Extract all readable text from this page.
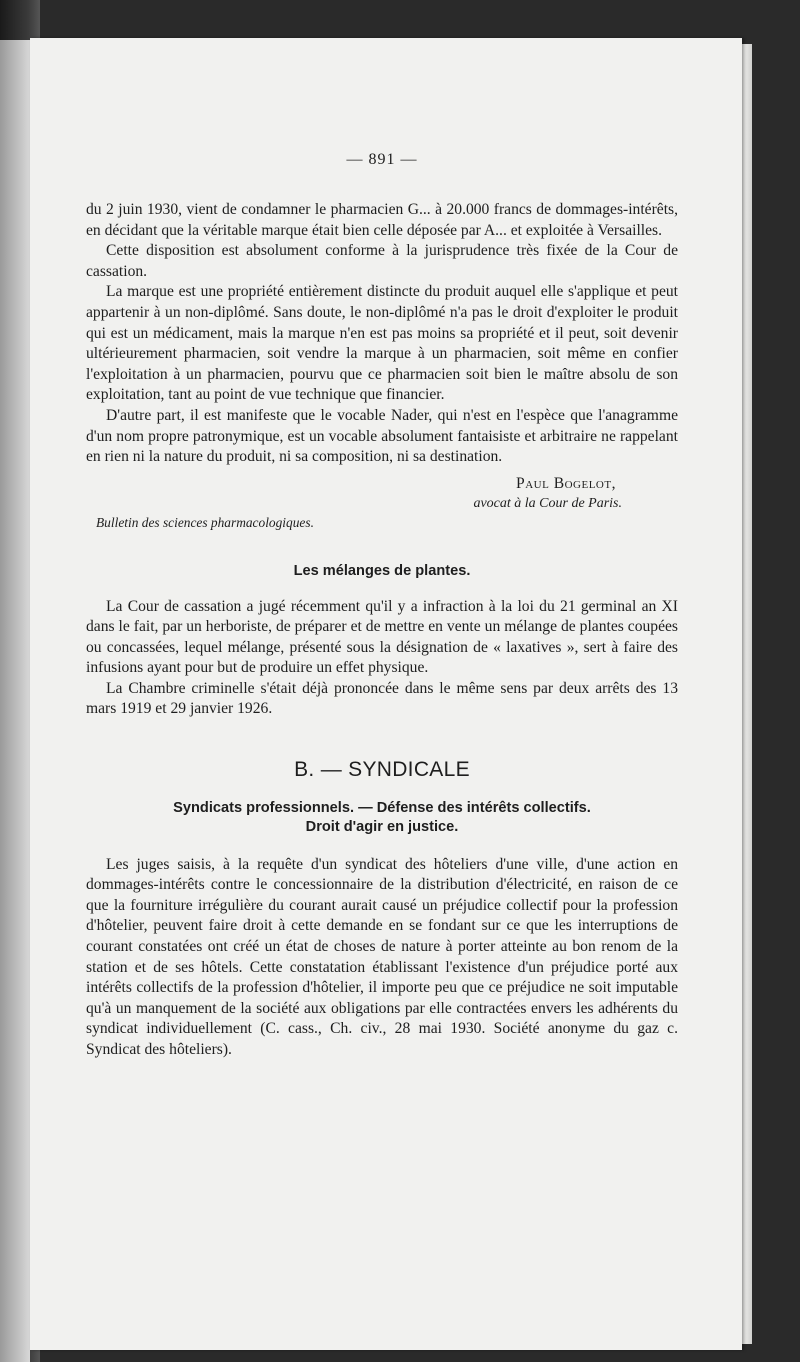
— 891 —

du 2 juin 1930, vient de condamner le pharmacien G... à 20.000 francs de dommages-intérêts, en décidant que la véritable marque était bien celle déposée par A... et exploitée à Versailles.

Cette disposition est absolument conforme à la jurisprudence très fixée de la Cour de cassation.

La marque est une propriété entièrement distincte du produit auquel elle s'applique et peut appartenir à un non-diplômé. Sans doute, le non-diplômé n'a pas le droit d'exploiter le produit qui est un médicament, mais la marque n'en est pas moins sa propriété et il peut, soit devenir ultérieurement pharmacien, soit vendre la marque à un pharmacien, soit même en confier l'exploitation à un pharmacien, pourvu que ce pharmacien soit bien le maître absolu de son exploitation, tant au point de vue technique que financier.

D'autre part, il est manifeste que le vocable Nader, qui n'est en l'espèce que l'anagramme d'un nom propre patronymique, est un vocable absolument fantaisiste et arbitraire ne rappelant en rien ni la nature du produit, ni sa composition, ni sa destination.

Paul Bogelot,
avocat à la Cour de Paris.
Bulletin des sciences pharmacologiques.
Les mélanges de plantes.

La Cour de cassation a jugé récemment qu'il y a infraction à la loi du 21 germinal an XI dans le fait, par un herboriste, de préparer et de mettre en vente un mélange de plantes coupées ou concassées, lequel mélange, présenté sous la désignation de « laxatives », sert à faire des infusions ayant pour but de produire un effet physique.

La Chambre criminelle s'était déjà prononcée dans le même sens par deux arrêts des 13 mars 1919 et 29 janvier 1926.

B. — SYNDICALE
Syndicats professionnels. — Défense des intérêts collectifs.
Droit d'agir en justice.

Les juges saisis, à la requête d'un syndicat des hôteliers d'une ville, d'une action en dommages-intérêts contre le concessionnaire de la distribution d'électricité, en raison de ce que la fourniture irrégulière du courant aurait causé un préjudice collectif pour la profession d'hôtelier, peuvent faire droit à cette demande en se fondant sur ce que les interruptions de courant constatées ont créé un état de choses de nature à porter atteinte au bon renom de la station et de ses hôtels. Cette constatation établissant l'existence d'un préjudice porté aux intérêts collectifs de la profession d'hôtelier, il importe peu que ce préjudice ne soit imputable qu'à un manquement de la société aux obligations par elle contractées envers les adhérents du syndicat individuellement (C. cass., Ch. civ., 28 mai 1930. Société anonyme du gaz c. Syndicat des hôteliers).
